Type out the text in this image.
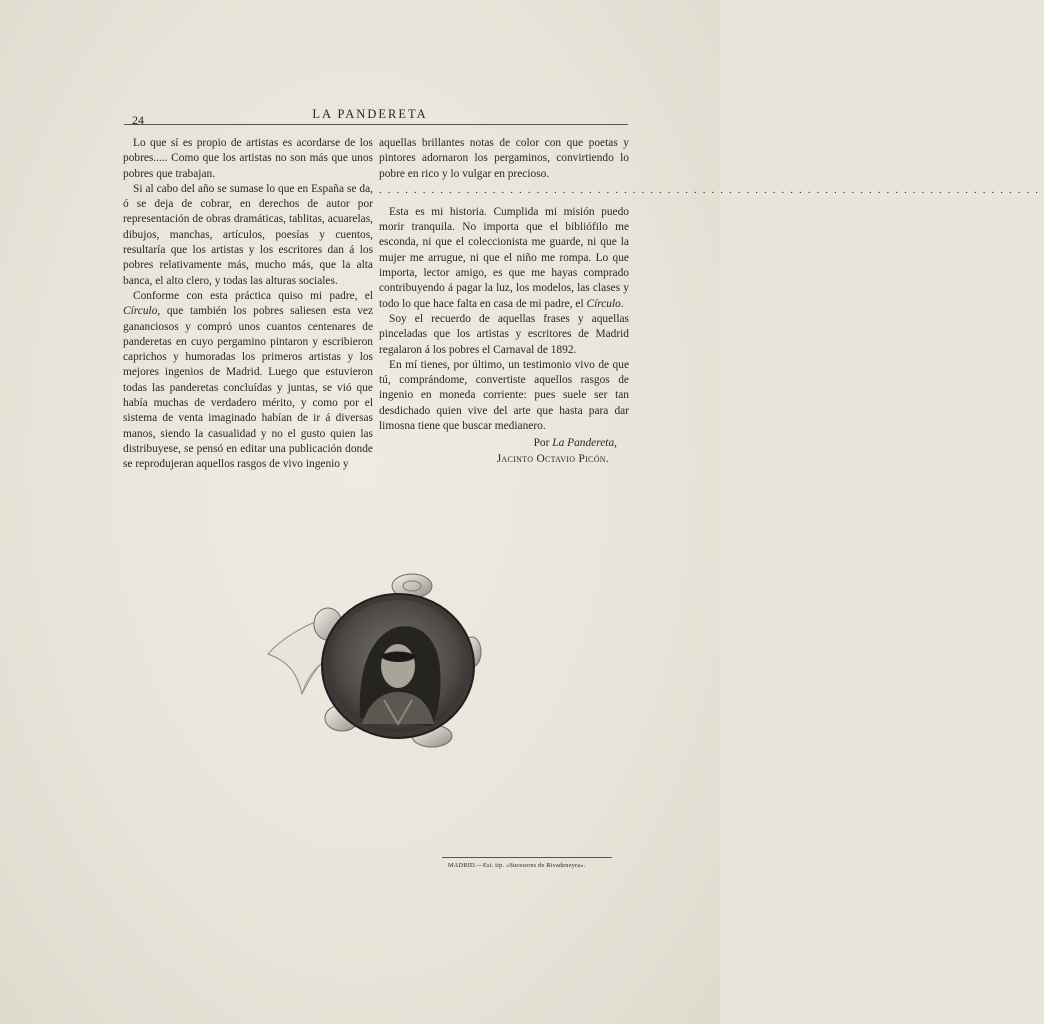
24	LA PANDERETA

Lo que sí es propio de artistas es acordarse de los pobres..... Como que los artistas no son más que unos pobres que trabajan.

Si al cabo del año se sumase lo que en España se da, ó se deja de cobrar, en derechos de autor por representación de obras dramáticas, tablitas, acuarelas, dibujos, manchas, artículos, poesías y cuentos, resultaría que los artistas y los escritores dan á los pobres relativamente más, mucho más, que la alta banca, el alto clero, y todas las alturas sociales.

Conforme con esta práctica quiso mi padre, el Círculo, que también los pobres saliesen esta vez gananciosos y compró unos cuantos centenares de panderetas en cuyo pergamino pintaron y escribieron caprichos y humoradas los primeros artistas y los mejores ingenios de Madrid. Luego que estuvieron todas las panderetas concluídas y juntas, se vió que había muchas de verdadero mérito, y como por el sistema de venta imaginado habían de ir á diversas manos, siendo la casualidad y no el gusto quien las distribuyese, se pensó en editar una publicación donde se reprodujeran aquellos rasgos de vivo ingenio y

aquellas brillantes notas de color con que poetas y pintores adornaron los pergaminos, convirtiendo lo pobre en rico y lo vulgar en precioso.

............................................................................

Esta es mi historia. Cumplida mi misión puedo morir tranquila. No importa que el bibliófilo me esconda, ni que el coleccionista me guarde, ni que la mujer me arrugue, ni que el niño me rompa. Lo que importa, lector amigo, es que me hayas comprado contribuyendo á pagar la luz, los modelos, las clases y todo lo que hace falta en casa de mi padre, el Círculo.

Soy el recuerdo de aquellas frases y aquellas pinceladas que los artistas y escritores de Madrid regalaron á los pobres el Carnaval de 1892.

En mí tienes, por último, un testimonio vivo de que tú, comprándome, convertiste aquellos rasgos de ingenio en moneda corriente: pues suele ser tan desdichado quien vive del arte que hasta para dar limosna tiene que buscar medianero.

Por La Pandereta,
Jacinto Octavio Picón.
MADRID.—Est. tip. «Sucesores de Rivadeneyra».
